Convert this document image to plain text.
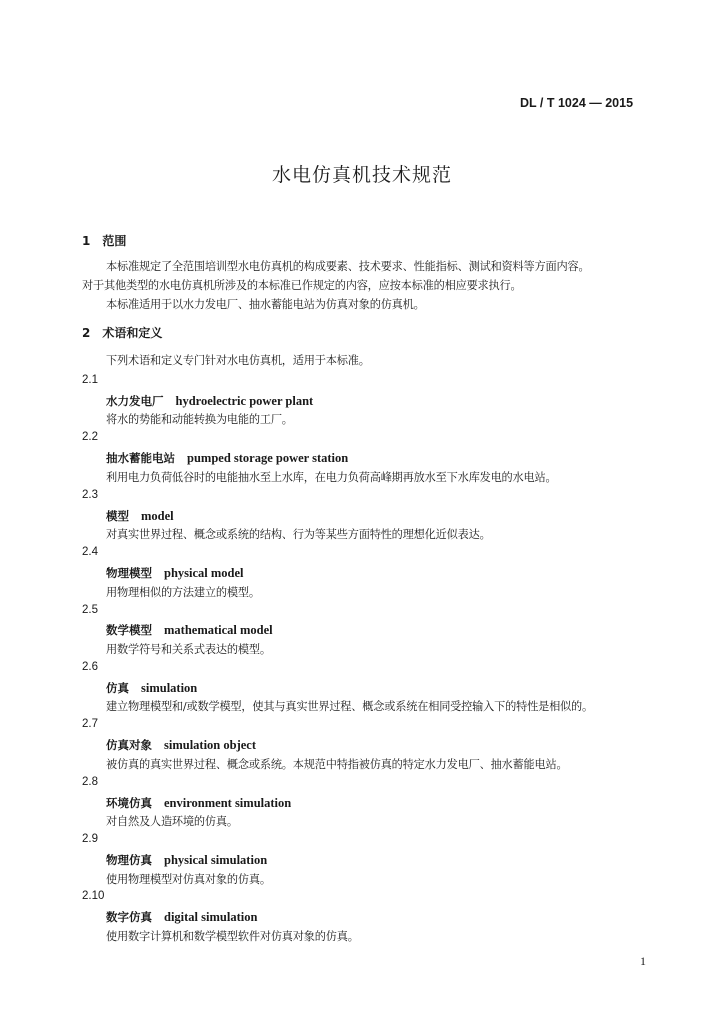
DL / T 1024 — 2015
水电仿真机技术规范
1　范围
本标准规定了全范围培训型水电仿真机的构成要素、技术要求、性能指标、测试和资料等方面内容。
对于其他类型的水电仿真机所涉及的本标准已作规定的内容，应按本标准的相应要求执行。
本标准适用于以水力发电厂、抽水蓄能电站为仿真对象的仿真机。
2　术语和定义
下列术语和定义专门针对水电仿真机，适用于本标准。
2.1
水力发电厂 hydroelectric power plant
将水的势能和动能转换为电能的工厂。
2.2
抽水蓄能电站 pumped storage power station
利用电力负荷低谷时的电能抽水至上水库，在电力负荷高峰期再放水至下水库发电的水电站。
2.3
模型 model
对真实世界过程、概念或系统的结构、行为等某些方面特性的理想化近似表达。
2.4
物理模型 physical model
用物理相似的方法建立的模型。
2.5
数学模型 mathematical model
用数学符号和关系式表达的模型。
2.6
仿真 simulation
建立物理模型和/或数学模型，使其与真实世界过程、概念或系统在相同受控输入下的特性是相似的。
2.7
仿真对象 simulation object
被仿真的真实世界过程、概念或系统。本规范中特指被仿真的特定水力发电厂、抽水蓄能电站。
2.8
环境仿真 environment simulation
对自然及人造环境的仿真。
2.9
物理仿真 physical simulation
使用物理模型对仿真对象的仿真。
2.10
数字仿真 digital simulation
使用数字计算机和数学模型软件对仿真对象的仿真。
1
